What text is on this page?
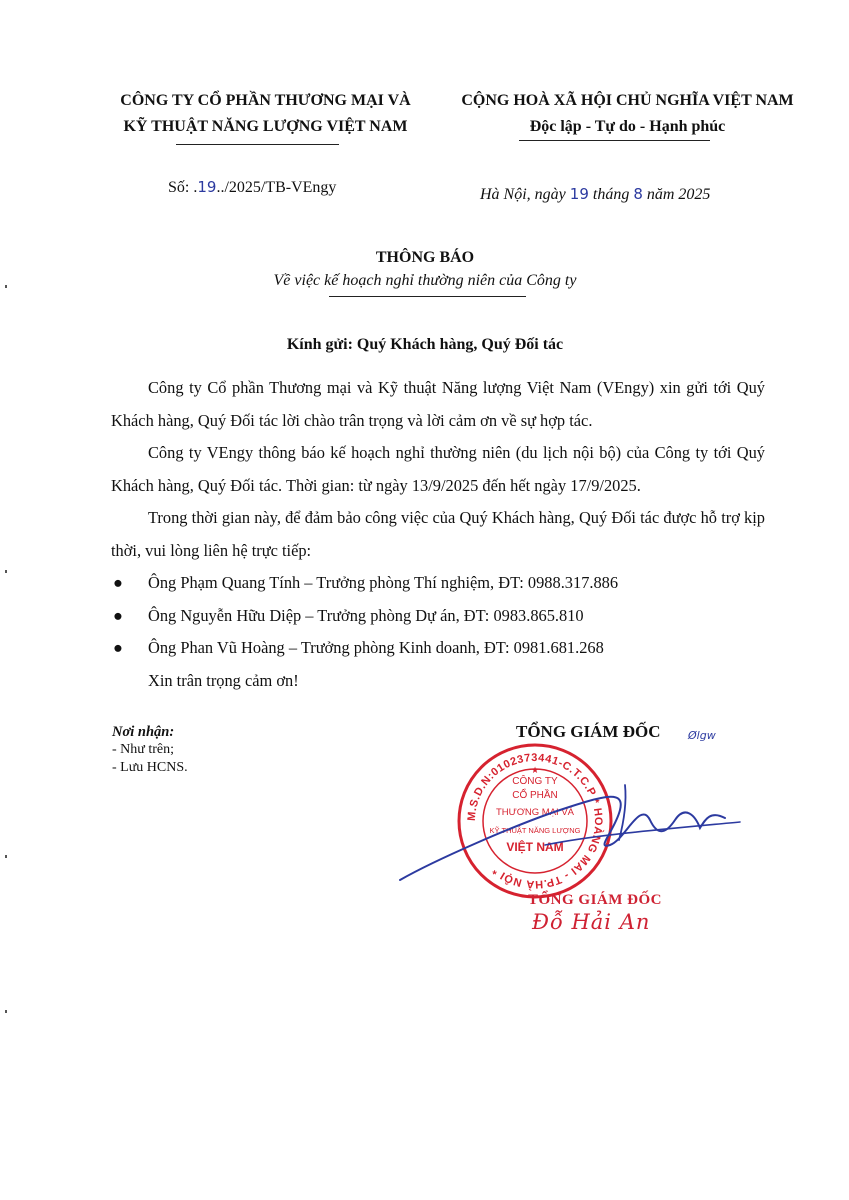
CÔNG TY CỔ PHẦN THƯƠNG MẠI VÀ
KỸ THUẬT NĂNG LƯỢNG VIỆT NAM
CỘNG HOÀ XÃ HỘI CHỦ NGHĨA VIỆT NAM
Độc lập - Tự do - Hạnh phúc
Số: .19../2025/TB-VEngy	Hà Nội, ngày 19 tháng 8 năm 2025
THÔNG BÁO
Về việc kế hoạch nghỉ thường niên của Công ty
Kính gửi: Quý Khách hàng, Quý Đối tác

Công ty Cổ phần Thương mại và Kỹ thuật Năng lượng Việt Nam (VEngy) xin gửi tới Quý Khách hàng, Quý Đối tác lời chào trân trọng và lời cảm ơn về sự hợp tác.

Công ty VEngy thông báo kế hoạch nghỉ thường niên (du lịch nội bộ) của Công ty tới Quý Khách hàng, Quý Đối tác. Thời gian: từ ngày 13/9/2025 đến hết ngày 17/9/2025.

Trong thời gian này, để đảm bảo công việc của Quý Khách hàng, Quý Đối tác được hỗ trợ kịp thời, vui lòng liên hệ trực tiếp:

● Ông Phạm Quang Tính – Trưởng phòng Thí nghiệm, ĐT: 0988.317.886
● Ông Nguyễn Hữu Diệp – Trưởng phòng Dự án, ĐT: 0983.865.810
● Ông Phan Vũ Hoàng – Trưởng phòng Kinh doanh, ĐT: 0981.681.268

Xin trân trọng cảm ơn!

Nơi nhận:
- Như trên;
- Lưu HCNS.
TỔNG GIÁM ĐỐC	Ølgw
M.S.D.N:0102373441-C.T.C.P * HOÀNG MAI - TP.HÀ NỘI *
CÔNG TY
CỔ PHẦN
THƯƠNG MẠI VÀ
KỸ THUẬT NĂNG LƯỢNG
VIỆT NAM
★
TỔNG GIÁM ĐỐC
Đỗ Hải An
